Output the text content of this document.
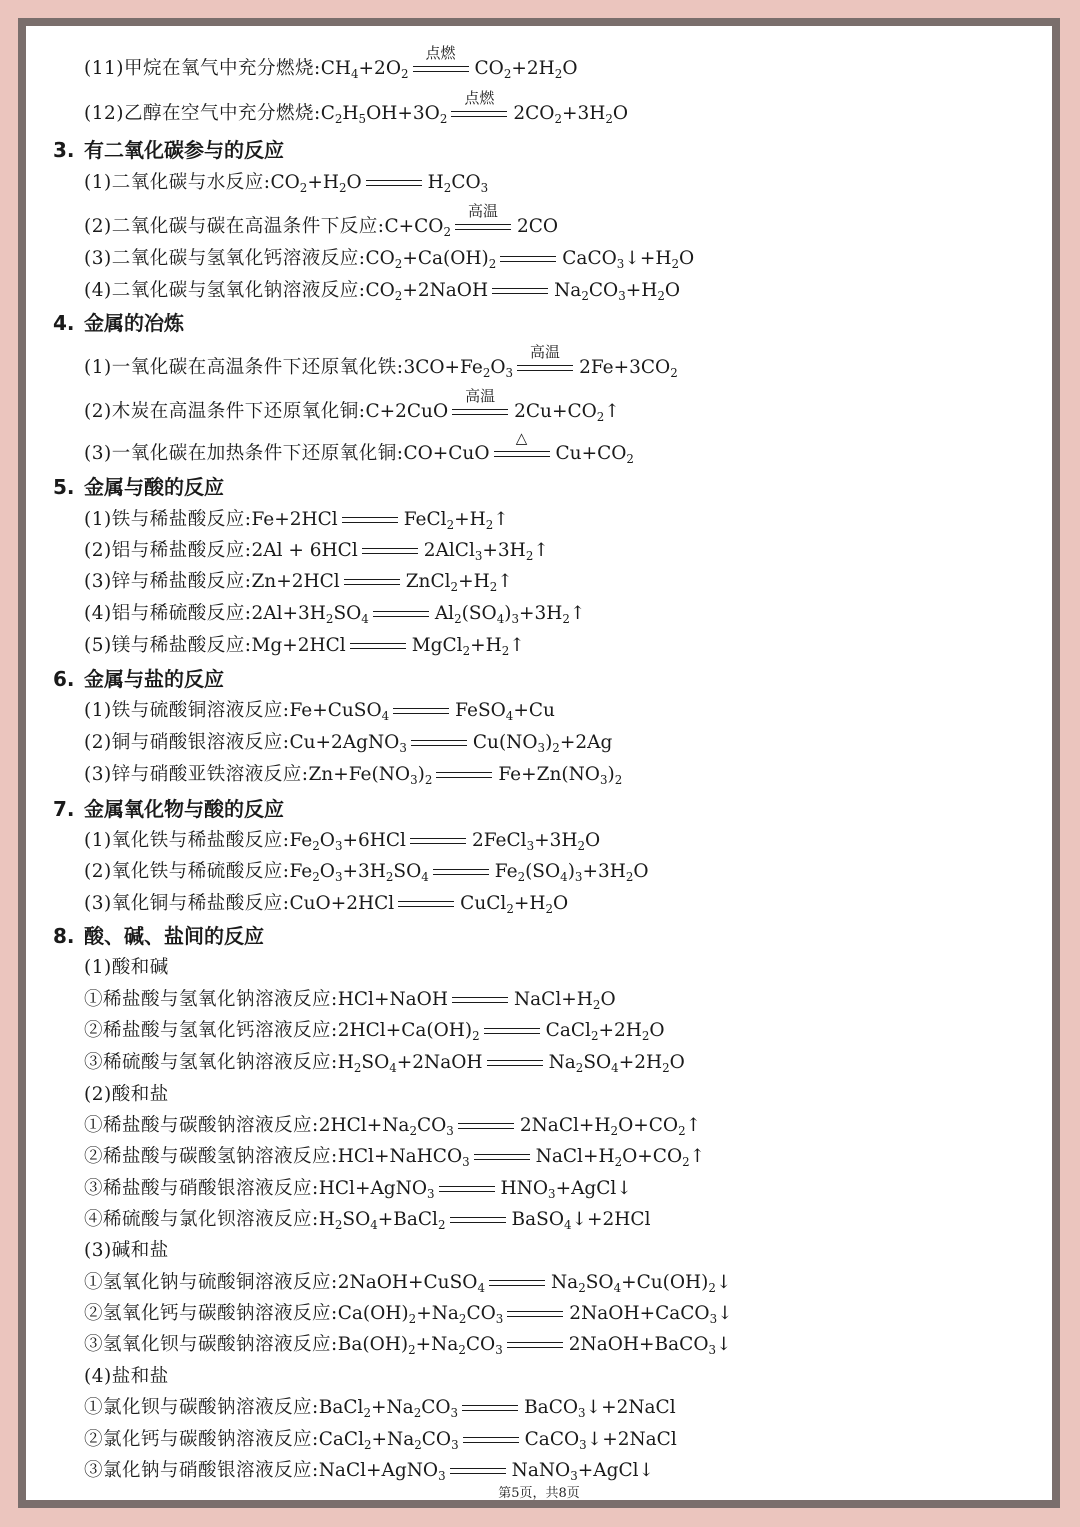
(11)甲烷在氧气中充分燃烧:CH4+2O2
点燃
CO2+2H2O
(12)乙醇在空气中充分燃烧:C2H5OH+3O2
点燃
2CO2+3H2O
3. 有二氧化碳参与的反应
(1)二氧化碳与水反应:CO2+H2O	H2CO3
(2)二氧化碳与碳在高温条件下反应:C+CO2
高温
2CO
(3)二氧化碳与氢氧化钙溶液反应:CO2+Ca(OH)2	CaCO3↓+H2O
(4)二氧化碳与氢氧化钠溶液反应:CO2+2NaOH	Na2CO3+H2O
4. 金属的冶炼
(1)一氧化碳在高温条件下还原氧化铁:3CO+Fe2O3
高温
2Fe+3CO2
(2)木炭在高温条件下还原氧化铜:C+2CuO
高温
2Cu+CO2↑
(3)一氧化碳在加热条件下还原氧化铜:CO+CuO
△
Cu+CO2
5. 金属与酸的反应
(1)铁与稀盐酸反应:Fe+2HCl	FeCl2+H2↑
(2)铝与稀盐酸反应:2Al + 6HCl	2AlCl3+3H2↑
(3)锌与稀盐酸反应:Zn+2HCl	ZnCl2+H2↑
(4)铝与稀硫酸反应:2Al+3H2SO4	Al2(SO4)3+3H2↑
(5)镁与稀盐酸反应:Mg+2HCl	MgCl2+H2↑
6. 金属与盐的反应
(1)铁与硫酸铜溶液反应:Fe+CuSO4	FeSO4+Cu
(2)铜与硝酸银溶液反应:Cu+2AgNO3	Cu(NO3)2+2Ag
(3)锌与硝酸亚铁溶液反应:Zn+Fe(NO3)2	Fe+Zn(NO3)2
7. 金属氧化物与酸的反应
(1)氧化铁与稀盐酸反应:Fe2O3+6HCl	2FeCl3+3H2O
(2)氧化铁与稀硫酸反应:Fe2O3+3H2SO4	Fe2(SO4)3+3H2O
(3)氧化铜与稀盐酸反应:CuO+2HCl	CuCl2+H2O
8. 酸、碱、盐间的反应
(1)酸和碱
①稀盐酸与氢氧化钠溶液反应:HCl+NaOH	NaCl+H2O
②稀盐酸与氢氧化钙溶液反应:2HCl+Ca(OH)2	CaCl2+2H2O
③稀硫酸与氢氧化钠溶液反应:H2SO4+2NaOH	Na2SO4+2H2O
(2)酸和盐
①稀盐酸与碳酸钠溶液反应:2HCl+Na2CO3	2NaCl+H2O+CO2↑
②稀盐酸与碳酸氢钠溶液反应:HCl+NaHCO3	NaCl+H2O+CO2↑
③稀盐酸与硝酸银溶液反应:HCl+AgNO3	HNO3+AgCl↓
④稀硫酸与氯化钡溶液反应:H2SO4+BaCl2	BaSO4↓+2HCl
(3)碱和盐
①氢氧化钠与硫酸铜溶液反应:2NaOH+CuSO4	Na2SO4+Cu(OH)2↓
②氢氧化钙与碳酸钠溶液反应:Ca(OH)2+Na2CO3	2NaOH+CaCO3↓
③氢氧化钡与碳酸钠溶液反应:Ba(OH)2+Na2CO3	2NaOH+BaCO3↓
(4)盐和盐
①氯化钡与碳酸钠溶液反应:BaCl2+Na2CO3	BaCO3↓+2NaCl
②氯化钙与碳酸钠溶液反应:CaCl2+Na2CO3	CaCO3↓+2NaCl
③氯化钠与硝酸银溶液反应:NaCl+AgNO3	NaNO3+AgCl↓
第5页，共8页
